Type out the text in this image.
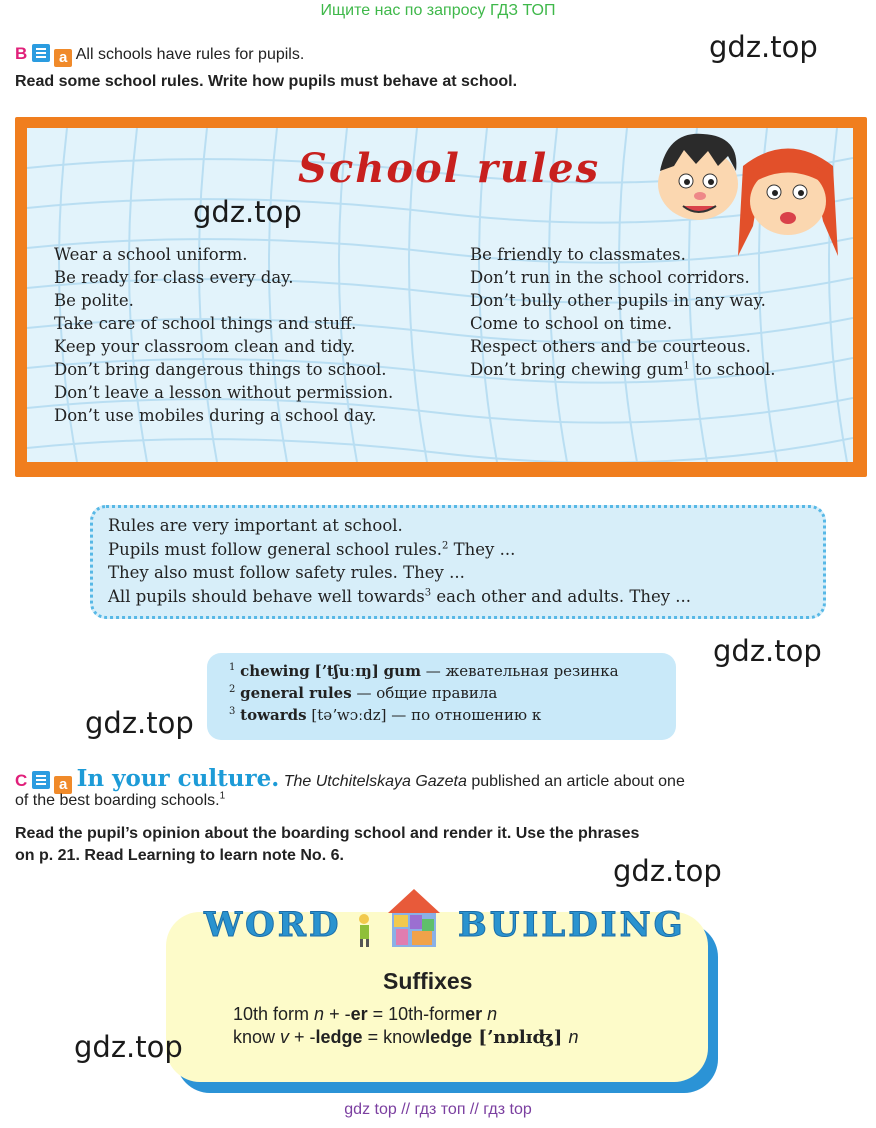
Ищите нас по запросу ГДЗ ТОП
B a All schools have rules for pupils.
Read some school rules. Write how pupils must behave at school.
gdz.top
School rules
gdz.top
Wear a school uniform.
Be ready for class every day.
Be polite.
Take care of school things and stuff.
Keep your classroom clean and tidy.
Don’t bring dangerous things to school.
Don’t leave a lesson without permission.
Don’t use mobiles during a school day.
Be friendly to classmates.
Don’t run in the school corridors.
Don’t bully other pupils in any way.
Come to school on time.
Respect others and be courteous.
Don’t bring chewing gum$^1$ to school.
Rules are very important at school.
Pupils must follow general school rules.$^2$ They ...
They also must follow safety rules. They ...
All pupils should behave well towards$^3$ each other and adults. They ...
gdz.top
$^1$ chewing [ʼtʃuːɪŋ] gum — жевательная резинка
$^2$ general rules — общие правила
$^3$ towards [təʼwɔːdz] — по отношению к
gdz.top
C a In your culture. The Utchitelskaya Gazeta published an article about one
of the best boarding schools.$^1$
Read the pupil’s opinion about the boarding school and render it. Use the phrases
on p. 21. Read Learning to learn note No. 6.	gdz.top
WORD	BUILDING
Suffixes
10th form n + -er = 10th-former n
know v + -ledge = knowledge [ʼnɒlɪʤ] n
gdz.top
gdz top // гдз топ // гдз top
